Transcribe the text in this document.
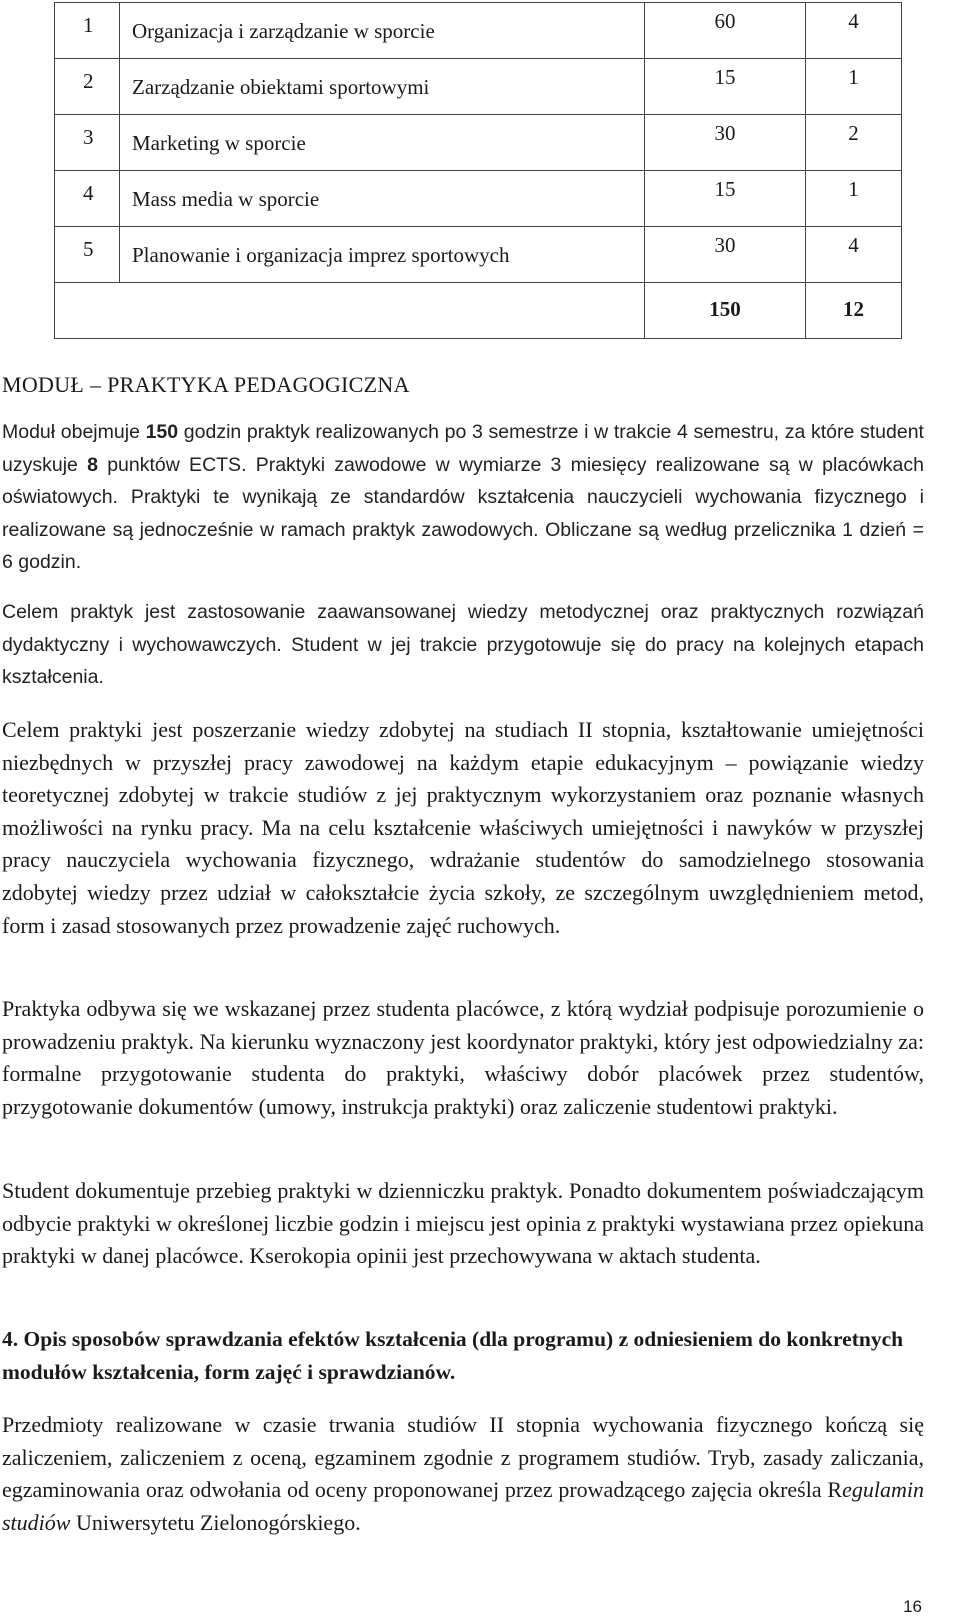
1	Organizacja i zarządzanie w sporcie	60	4

2	Zarządzanie obiektami sportowymi	15	1

3	Marketing w sporcie	30	2

4	Mass media w sporcie	15	1

5	Planowanie i organizacja imprez sportowych	30	4

		150	12
MODUŁ – PRAKTYKA PEDAGOGICZNA

Moduł obejmuje 150 godzin praktyk realizowanych po 3 semestrze i w trakcie 4 semestru, za które student uzyskuje 8 punktów ECTS. Praktyki zawodowe w wymiarze 3 miesięcy realizowane są w placówkach oświatowych. Praktyki te wynikają ze standardów kształcenia nauczycieli wychowania fizycznego i realizowane są jednocześnie w ramach praktyk zawodowych. Obliczane są według przelicznika 1 dzień = 6 godzin.

Celem praktyk jest zastosowanie zaawansowanej wiedzy metodycznej oraz praktycznych rozwiązań dydaktyczny i wychowawczych. Student w jej trakcie przygotowuje się do pracy na kolejnych etapach kształcenia.

Celem praktyki jest poszerzanie wiedzy zdobytej na studiach II stopnia, kształtowanie umiejętności niezbędnych w przyszłej pracy zawodowej na każdym etapie edukacyjnym – powiązanie wiedzy teoretycznej zdobytej w trakcie studiów z jej praktycznym wykorzystaniem oraz poznanie własnych możliwości na rynku pracy. Ma na celu kształcenie właściwych umiejętności i nawyków w przyszłej pracy nauczyciela wychowania fizycznego, wdrażanie studentów do samodzielnego stosowania zdobytej wiedzy przez udział w całokształcie życia szkoły, ze szczególnym uwzględnieniem metod, form i zasad stosowanych przez prowadzenie zajęć ruchowych.

Praktyka odbywa się we wskazanej przez studenta placówce, z którą wydział podpisuje porozumienie o prowadzeniu praktyk. Na kierunku wyznaczony jest koordynator praktyki, który jest odpowiedzialny za: formalne przygotowanie studenta do praktyki, właściwy dobór placówek przez studentów, przygotowanie dokumentów (umowy, instrukcja praktyki) oraz zaliczenie studentowi praktyki.

Student dokumentuje przebieg praktyki w dzienniczku praktyk. Ponadto dokumentem poświadczającym odbycie praktyki w określonej liczbie godzin i miejscu jest opinia z praktyki wystawiana przez opiekuna praktyki w danej placówce. Kserokopia opinii jest przechowywana w aktach studenta.

4. Opis sposobów sprawdzania efektów kształcenia (dla programu) z odniesieniem do konkretnych modułów kształcenia, form zajęć i sprawdzianów.

Przedmioty realizowane w czasie trwania studiów II stopnia wychowania fizycznego kończą się zaliczeniem, zaliczeniem z oceną, egzaminem zgodnie z programem studiów. Tryb, zasady zaliczania, egzaminowania oraz odwołania od oceny proponowanej przez prowadzącego zajęcia określa Regulamin studiów Uniwersytetu Zielonogórskiego.

16
